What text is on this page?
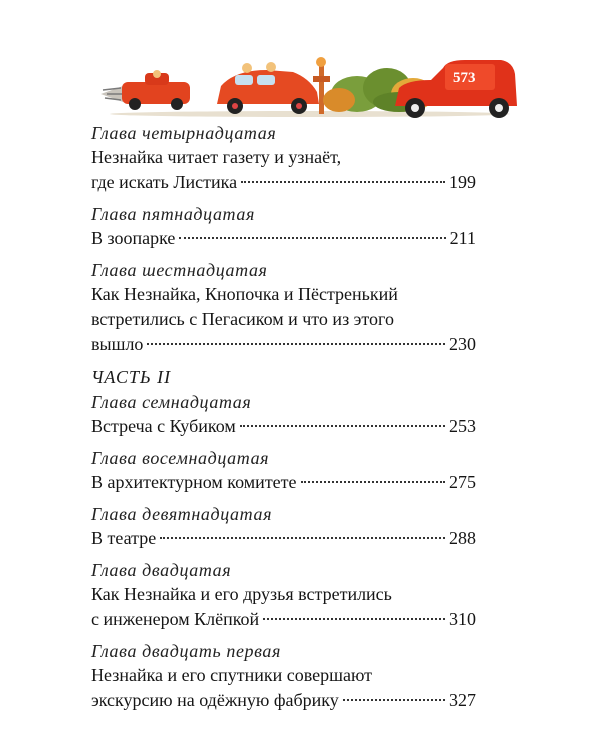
573
Глава четырнадцатая
Незнайка читает газету и узнаёт,
где искать Листика	199
Глава пятнадцатая
В зоопарке	211
Глава шестнадцатая
Как Незнайка, Кнопочка и Пёстренький
встретились с Пегасиком и что из этого
вышло	230
ЧАСТЬ II
Глава семнадцатая
Встреча с Кубиком	253
Глава восемнадцатая
В архитектурном комитете	275
Глава девятнадцатая
В театре	288
Глава двадцатая
Как Незнайка и его друзья встретились
с инженером Клёпкой	310
Глава двадцать первая
Незнайка и его спутники совершают
экскурсию на одёжную фабрику	327
